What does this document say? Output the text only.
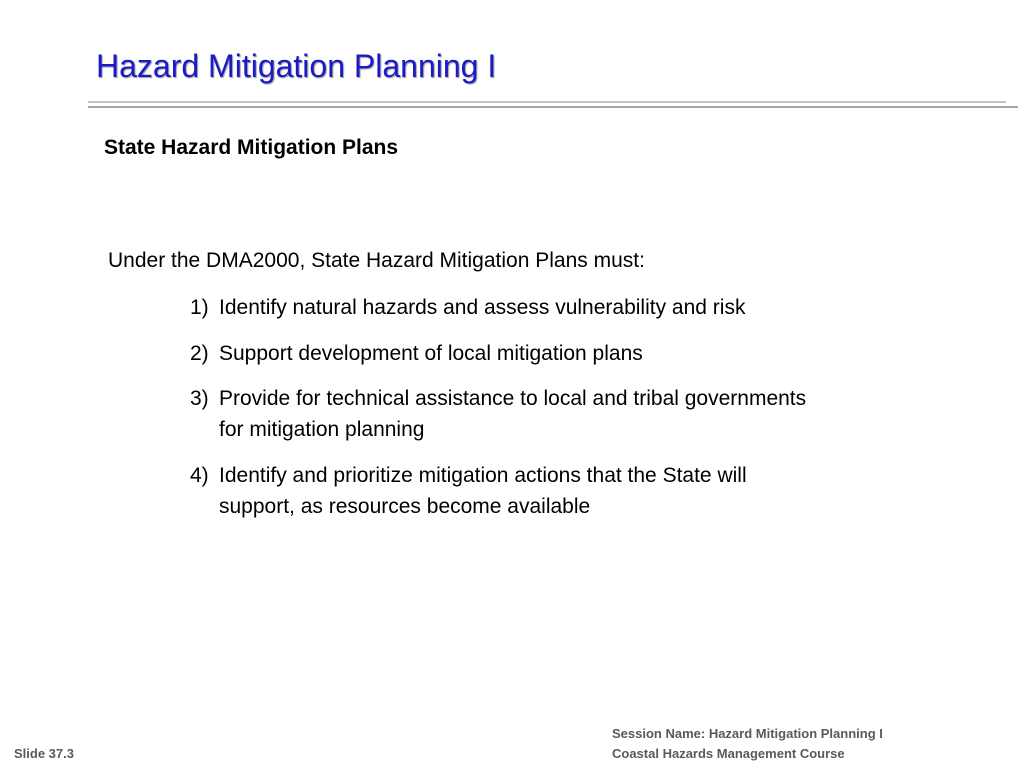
Hazard Mitigation Planning I
State Hazard Mitigation Plans
Under the DMA2000, State Hazard Mitigation Plans must:
1) Identify natural hazards and assess vulnerability and risk
2) Support development of local mitigation plans
3) Provide for technical assistance to local and tribal governments
for mitigation planning
4) Identify and prioritize mitigation actions that the State will
support, as resources become available
Slide 37.3
Session Name: Hazard Mitigation Planning I
Coastal Hazards Management Course
